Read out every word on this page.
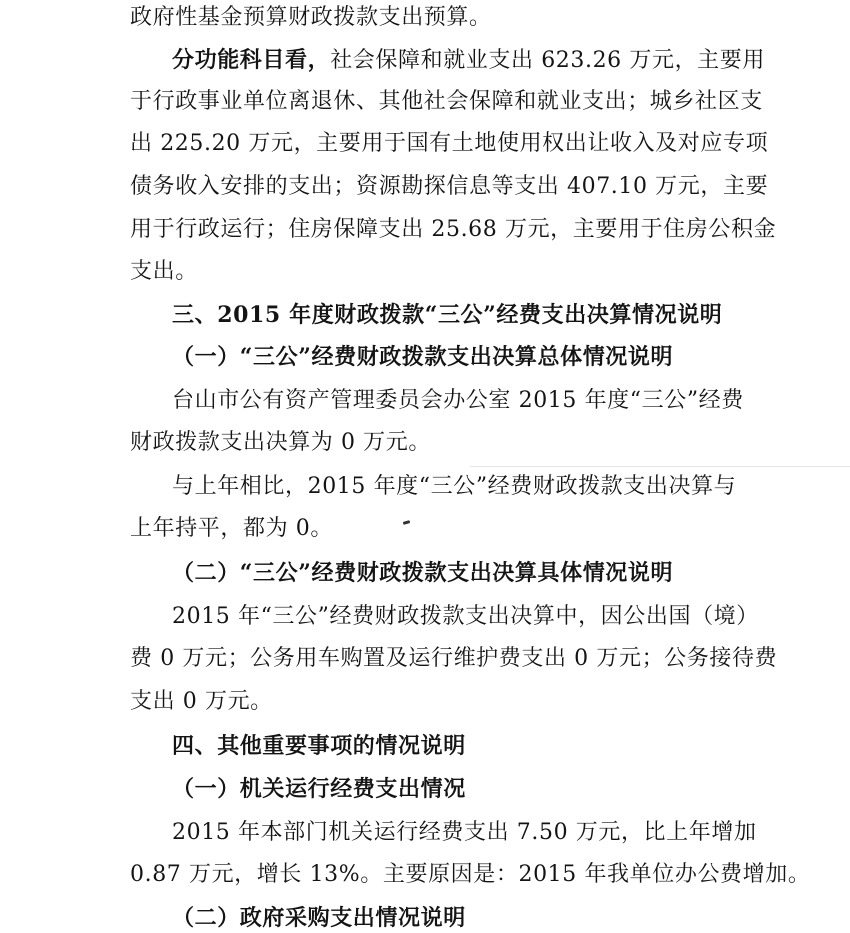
政府性基金预算财政拨款支出预算。
分功能科目看，社会保障和就业支出 623.26 万元，主要用
于行政事业单位离退休、其他社会保障和就业支出；城乡社区支
出 225.20 万元，主要用于国有土地使用权出让收入及对应专项
债务收入安排的支出；资源勘探信息等支出 407.10 万元，主要
用于行政运行；住房保障支出 25.68 万元，主要用于住房公积金
支出。
三、2015 年度财政拨款“三公”经费支出决算情况说明
（一）“三公”经费财政拨款支出决算总体情况说明
台山市公有资产管理委员会办公室 2015 年度“三公”经费
财政拨款支出决算为 0 万元。
与上年相比，2015 年度“三公”经费财政拨款支出决算与
上年持平，都为 0。
（二）“三公”经费财政拨款支出决算具体情况说明
2015 年“三公”经费财政拨款支出决算中，因公出国（境）
费 0 万元；公务用车购置及运行维护费支出 0 万元；公务接待费
支出 0 万元。
四、其他重要事项的情况说明
（一）机关运行经费支出情况
2015 年本部门机关运行经费支出 7.50 万元，比上年增加
0.87 万元，增长 13%。主要原因是：2015 年我单位办公费增加。
（二）政府采购支出情况说明
